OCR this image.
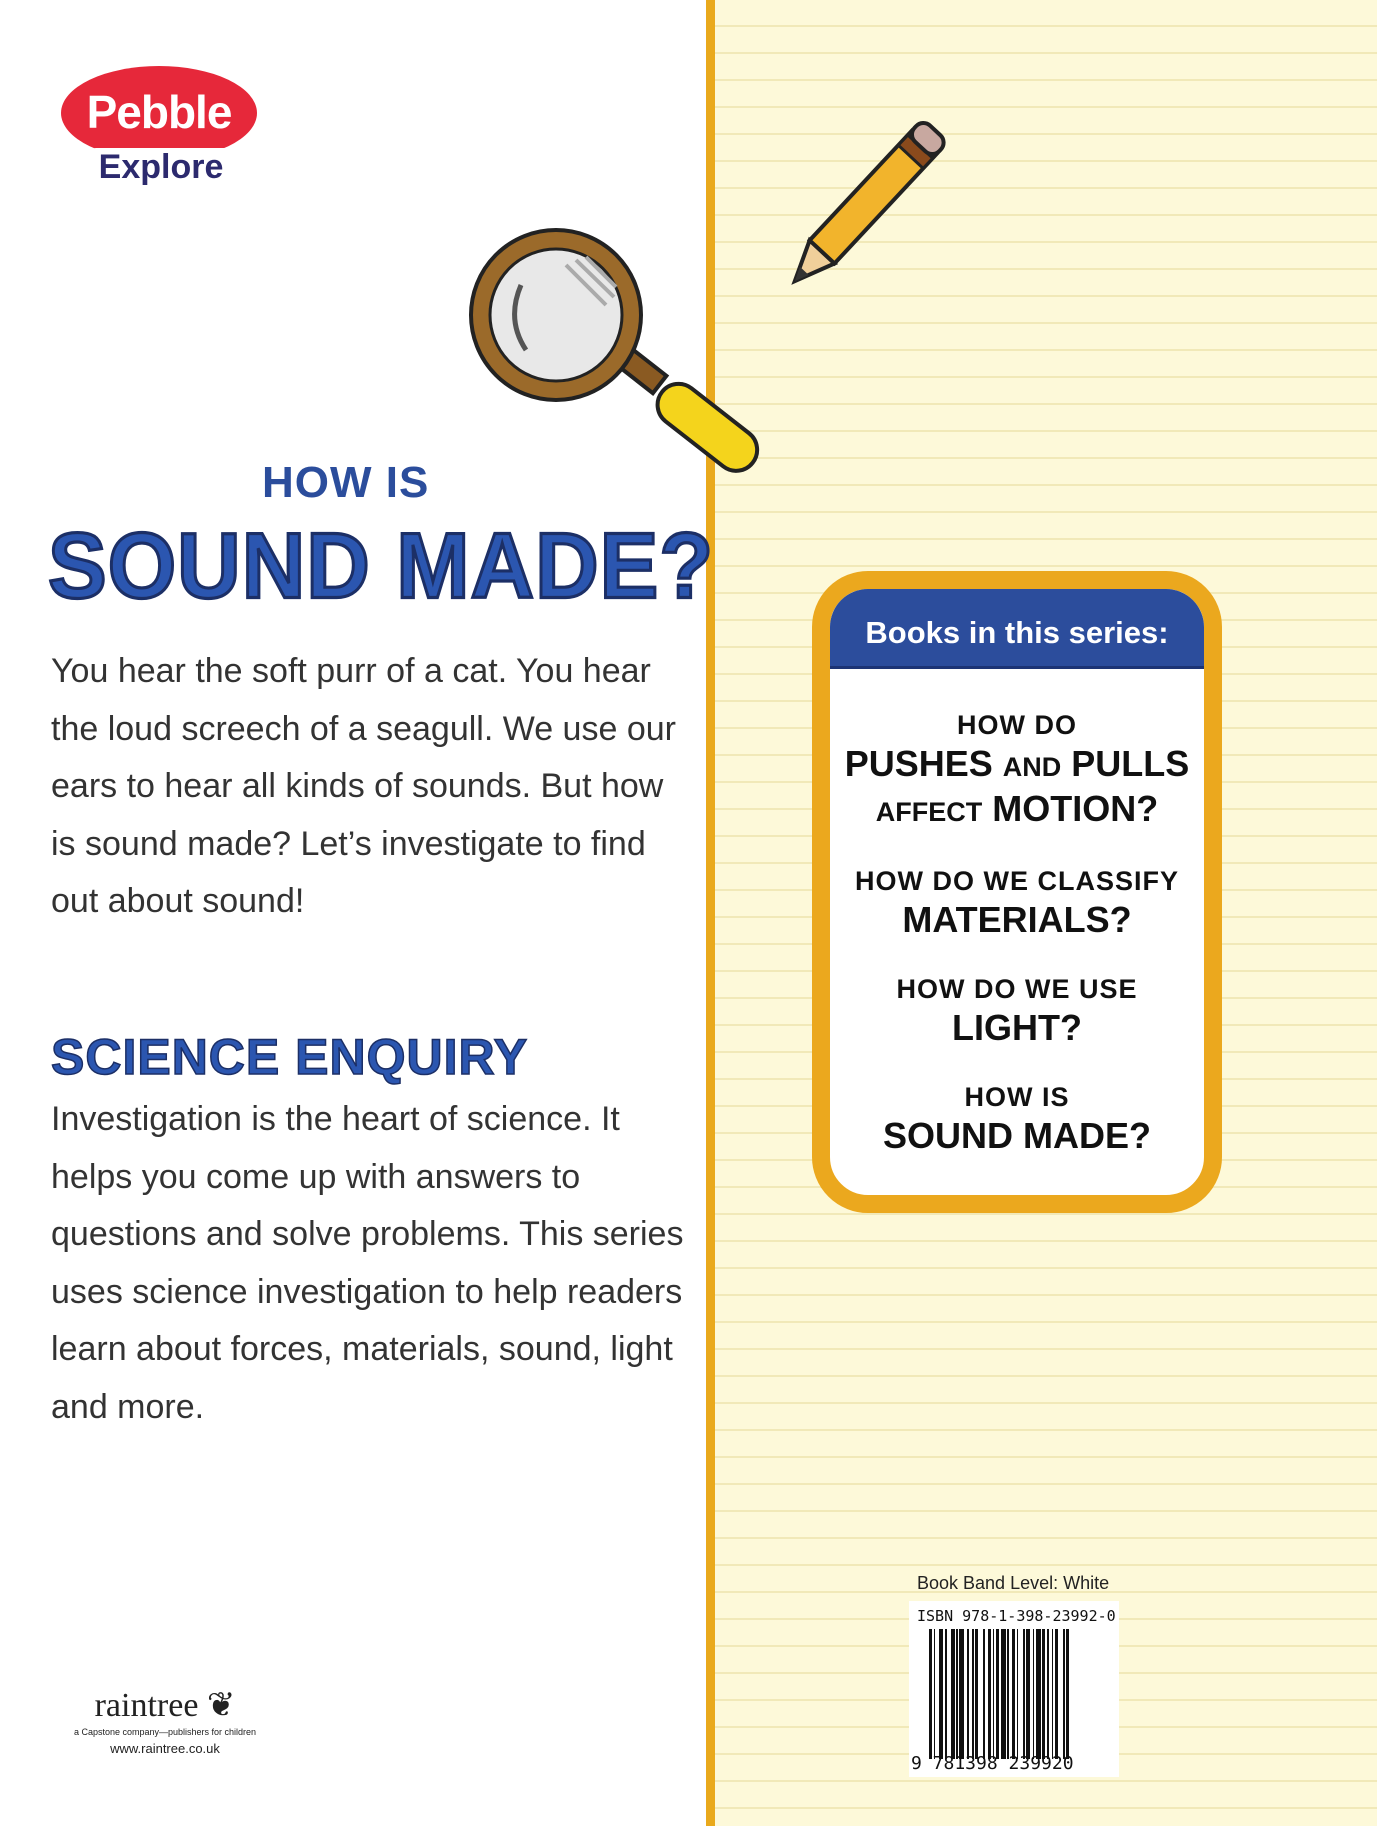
Pebble
Explore
HOW IS
SOUND MADE?

You hear the soft purr of a cat. You hear the loud screech of a seagull. We use our ears to hear all kinds of sounds. But how is sound made? Let’s investigate to find out about sound!

SCIENCE ENQUIRY

Investigation is the heart of science. It helps you come up with answers to questions and solve problems. This series uses science investigation to help readers learn about forces, materials, sound, light and more.

Books in this series:
HOW DO
PUSHES AND PULLS
AFFECT MOTION?
HOW DO WE CLASSIFY
MATERIALS?
HOW DO WE USE
LIGHT?
HOW IS
SOUND MADE?
Book Band Level: White
ISBN 978-1-398-23992-0
9 781398 239920
raintree ❦
a Capstone company—publishers for children
www.raintree.co.uk
